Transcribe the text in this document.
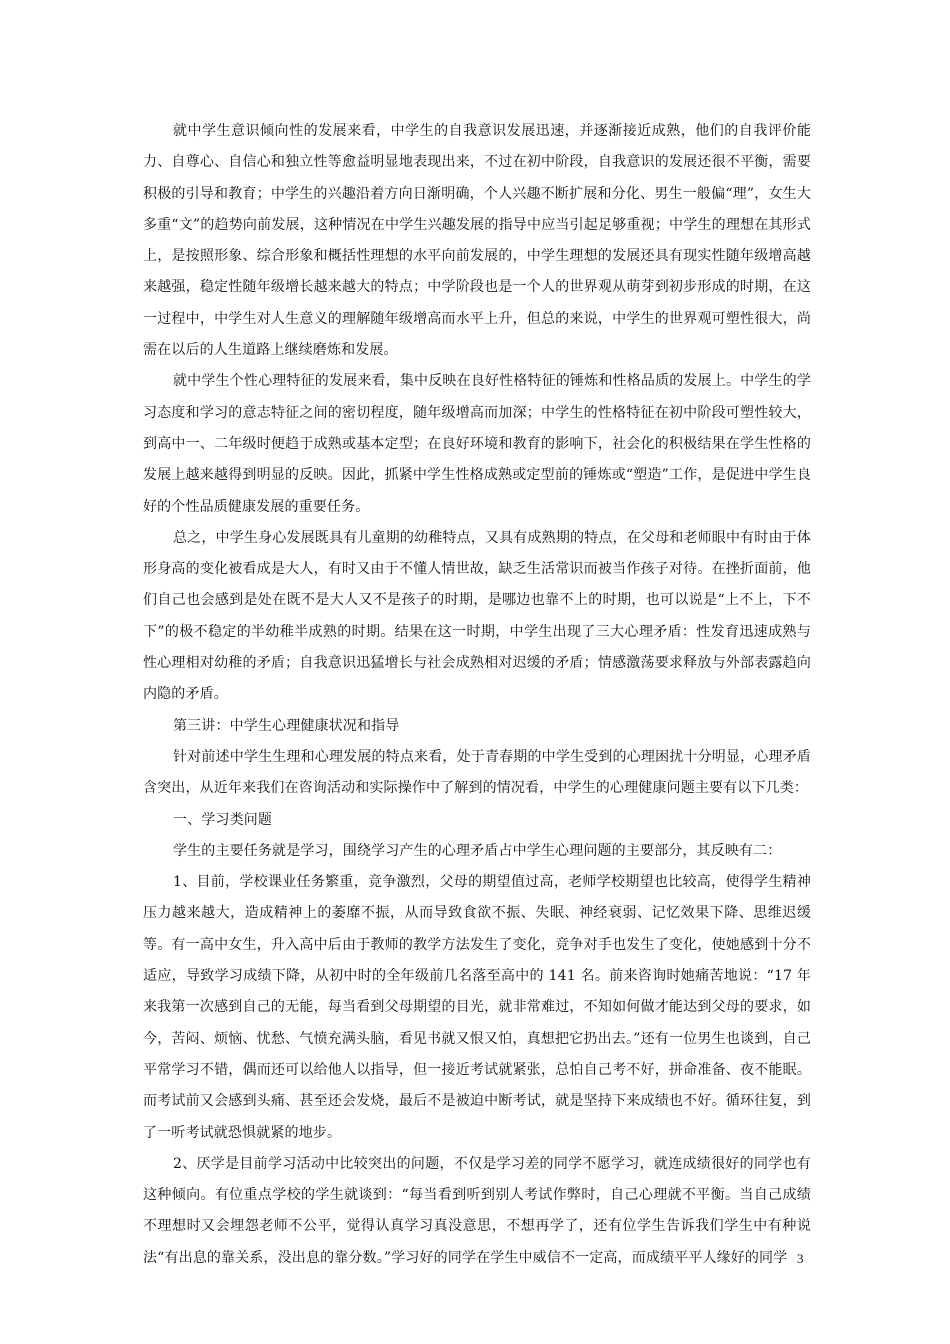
就中学生意识倾向性的发展来看，中学生的自我意识发展迅速，并逐渐接近成熟，他们的自我评价能力、自尊心、自信心和独立性等愈益明显地表现出来，不过在初中阶段，自我意识的发展还很不平衡，需要积极的引导和教育；中学生的兴趣沿着方向日渐明确，个人兴趣不断扩展和分化、男生一般偏“理”，女生大多重“文”的趋势向前发展，这种情况在中学生兴趣发展的指导中应当引起足够重视；中学生的理想在其形式上，是按照形象、综合形象和概括性理想的水平向前发展的，中学生理想的发展还具有现实性随年级增高越来越强，稳定性随年级增长越来越大的特点；中学阶段也是一个人的世界观从萌芽到初步形成的时期，在这一过程中，中学生对人生意义的理解随年级增高而水平上升，但总的来说，中学生的世界观可塑性很大，尚需在以后的人生道路上继续磨炼和发展。

就中学生个性心理特征的发展来看，集中反映在良好性格特征的锤炼和性格品质的发展上。中学生的学习态度和学习的意志特征之间的密切程度，随年级增高而加深；中学生的性格特征在初中阶段可塑性较大，到高中一、二年级时便趋于成熟或基本定型；在良好环境和教育的影响下，社会化的积极结果在学生性格的发展上越来越得到明显的反映。因此，抓紧中学生性格成熟或定型前的锤炼或“塑造”工作，是促进中学生良好的个性品质健康发展的重要任务。

总之，中学生身心发展既具有儿童期的幼稚特点，又具有成熟期的特点，在父母和老师眼中有时由于体形身高的变化被看成是大人，有时又由于不懂人情世故，缺乏生活常识而被当作孩子对待。在挫折面前，他们自己也会感到是处在既不是大人又不是孩子的时期，是哪边也靠不上的时期，也可以说是“上不上，下不下”的极不稳定的半幼稚半成熟的时期。结果在这一时期，中学生出现了三大心理矛盾：性发育迅速成熟与性心理相对幼稚的矛盾；自我意识迅猛增长与社会成熟相对迟缓的矛盾；情感激荡要求释放与外部表露趋向内隐的矛盾。

第三讲：中学生心理健康状况和指导

针对前述中学生生理和心理发展的特点来看，处于青春期的中学生受到的心理困扰十分明显，心理矛盾含突出，从近年来我们在咨询活动和实际操作中了解到的情况看，中学生的心理健康问题主要有以下几类：

一、学习类问题

学生的主要任务就是学习，围绕学习产生的心理矛盾占中学生心理问题的主要部分，其反映有二：

1、目前，学校课业任务繁重，竞争激烈，父母的期望值过高，老师学校期望也比较高，使得学生精神压力越来越大，造成精神上的萎靡不振，从而导致食欲不振、失眠、神经衰弱、记忆效果下降、思维迟缓等。有一高中女生，升入高中后由于教师的教学方法发生了变化，竞争对手也发生了变化，使她感到十分不适应，导致学习成绩下降，从初中时的全年级前几名落至高中的 141 名。前来咨询时她痛苦地说：“17 年来我第一次感到自己的无能，每当看到父母期望的目光，就非常难过，不知如何做才能达到父母的要求，如今，苦闷、烦恼、忧愁、气愤充满头脑，看见书就又恨又怕，真想把它扔出去。”还有一位男生也谈到，自己平常学习不错，偶而还可以给他人以指导，但一接近考试就紧张，总怕自己考不好，拼命准备、夜不能眠。而考试前又会感到头痛、甚至还会发烧，最后不是被迫中断考试，就是坚持下来成绩也不好。循环往复，到了一听考试就恐惧就紧的地步。

2、厌学是目前学习活动中比较突出的问题，不仅是学习差的同学不愿学习，就连成绩很好的同学也有这种倾向。有位重点学校的学生就谈到：“每当看到听到别人考试作弊时，自己心理就不平衡。当自己成绩不理想时又会埋怨老师不公平，觉得认真学习真没意思，不想再学了，还有位学生告诉我们学生中有种说法“有出息的靠关系，没出息的靠分数。”学习好的同学在学生中威信不一定高，而成绩平平人缘好的同学 3
